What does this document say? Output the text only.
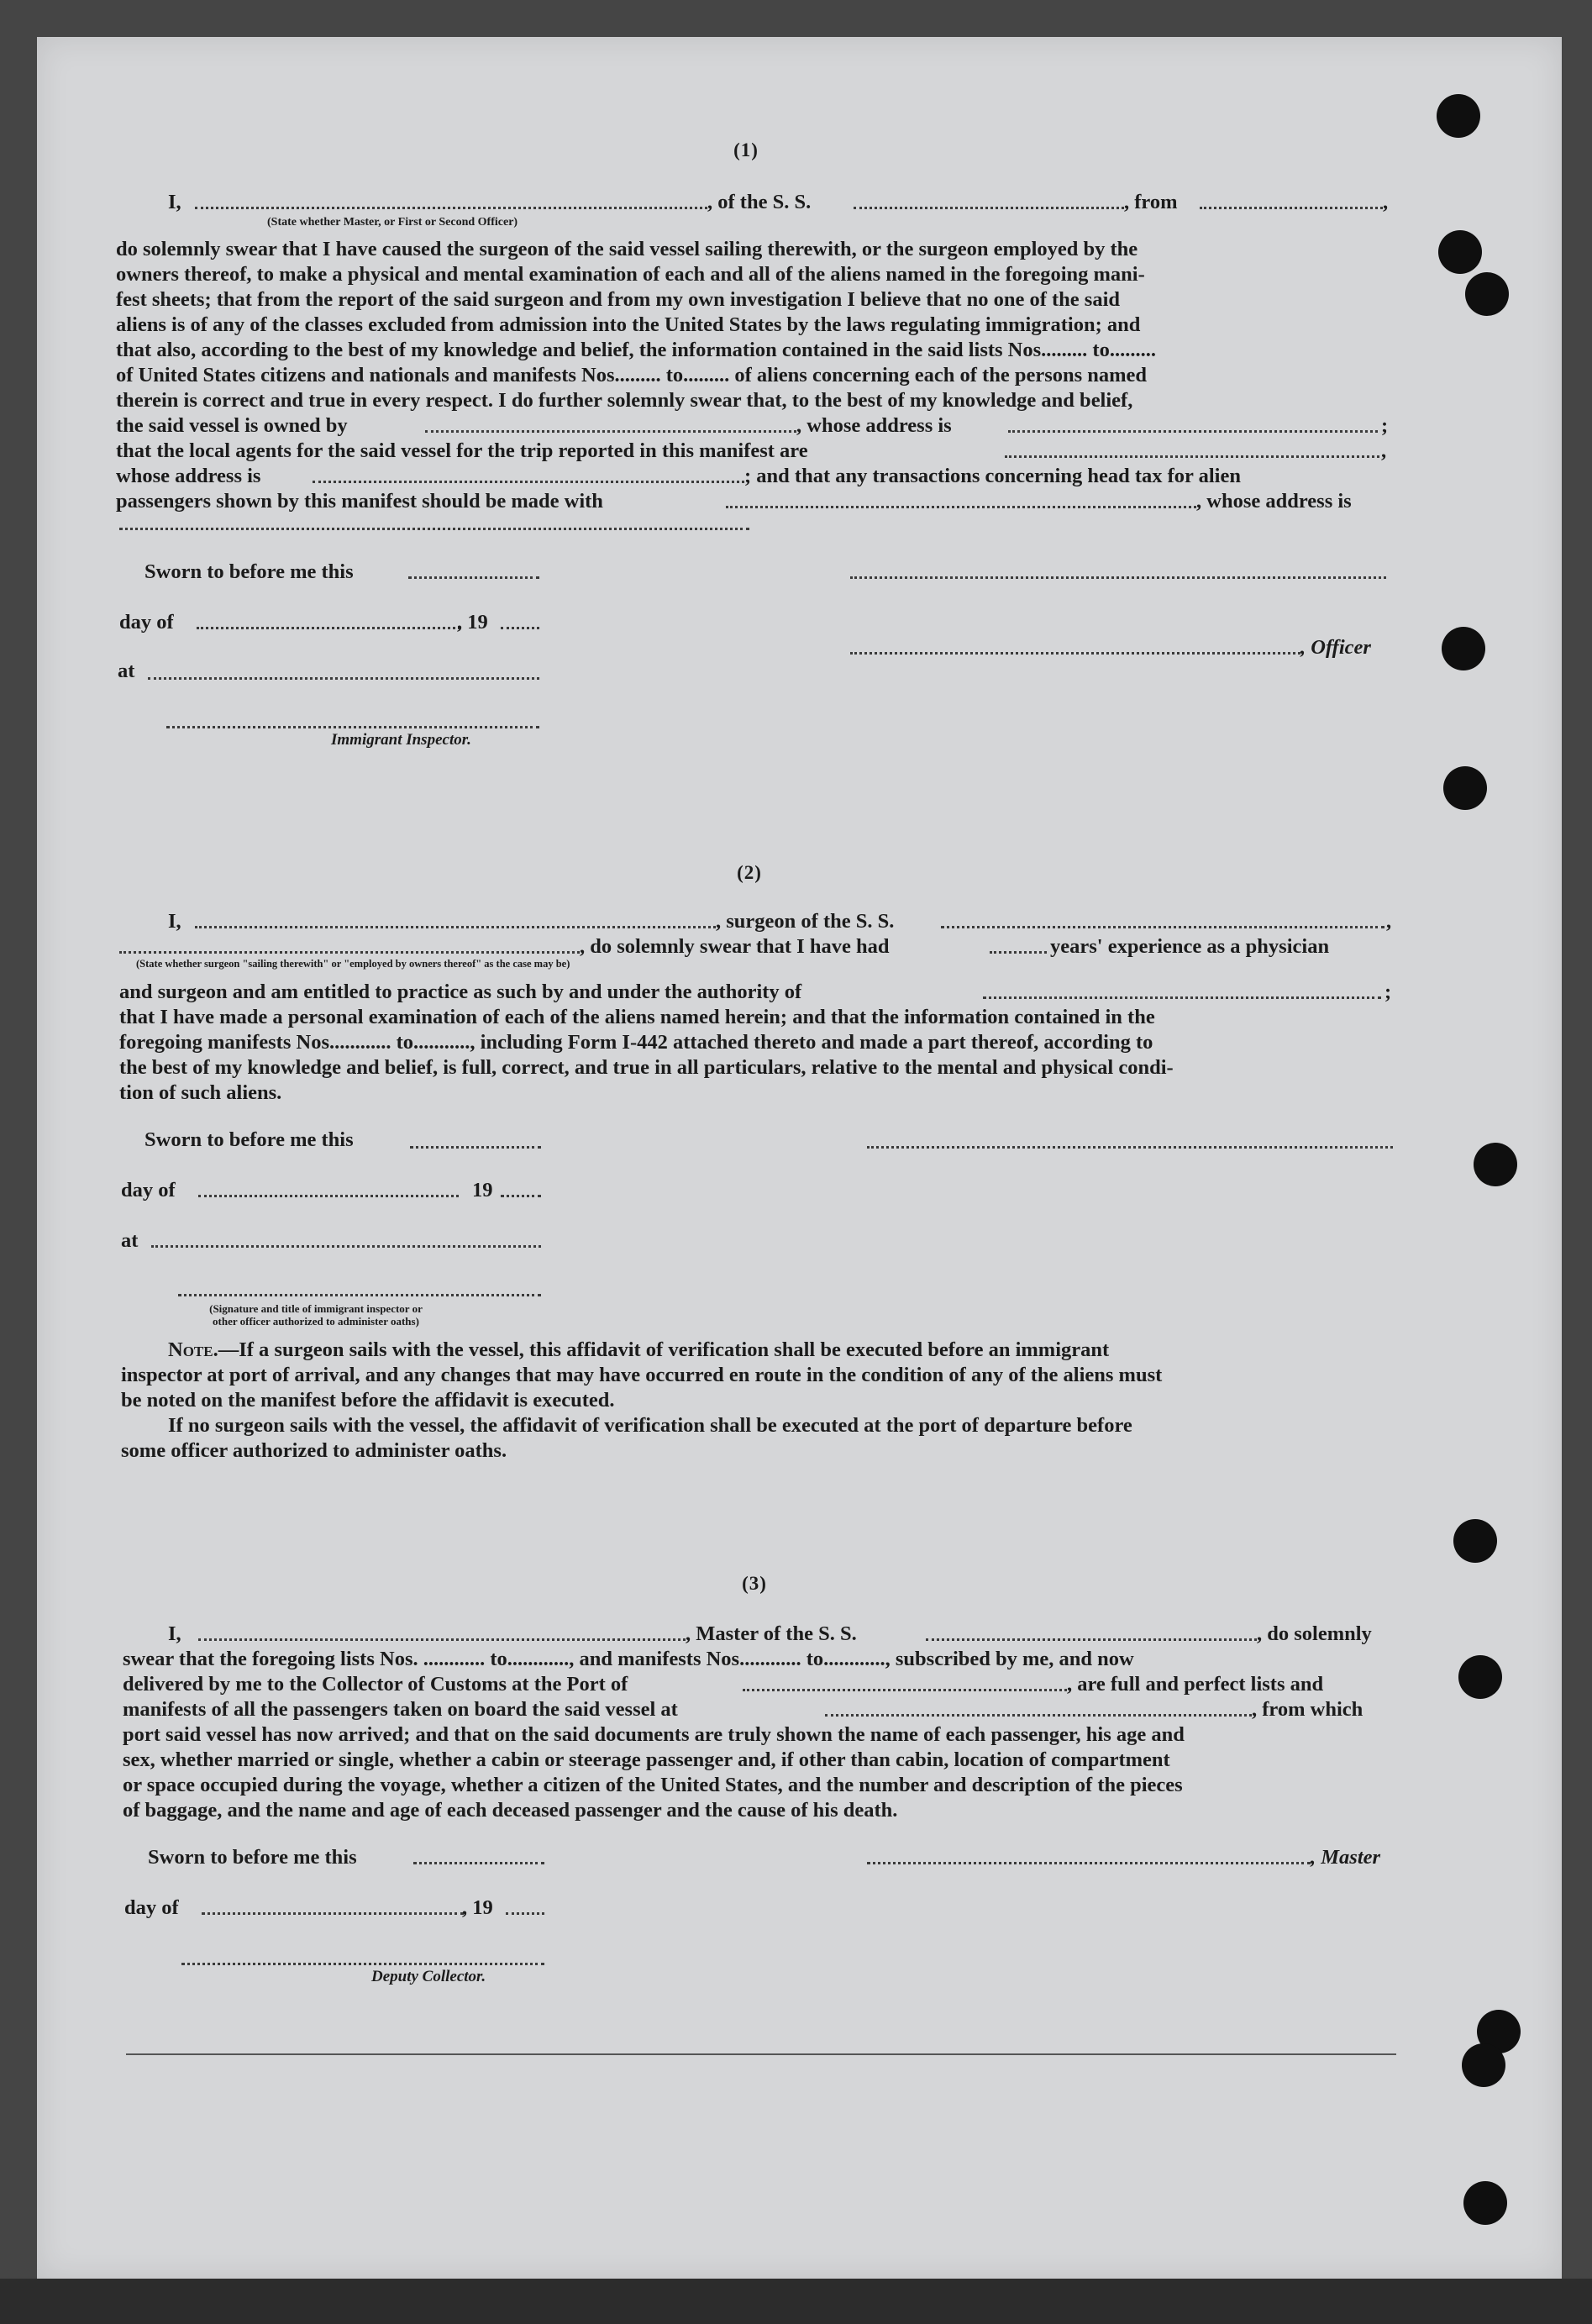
(1)
I,	, of the S. S.	, from	,
(State whether Master, or First or Second Officer)
do solemnly swear that I have caused the surgeon of the said vessel sailing therewith, or the surgeon employed by the
owners thereof, to make a physical and mental examination of each and all of the aliens named in the foregoing mani-
fest sheets; that from the report of the said surgeon and from my own investigation I believe that no one of the said
aliens is of any of the classes excluded from admission into the United States by the laws regulating immigration; and
that also, according to the best of my knowledge and belief, the information contained in the said lists Nos......... to.........
of United States citizens and nationals and manifests Nos......... to......... of aliens concerning each of the persons named
therein is correct and true in every respect. I do further solemnly swear that, to the best of my knowledge and belief,
the said vessel is owned by	, whose address is	;
that the local agents for the said vessel for the trip reported in this manifest are	,
whose address is	; and that any transactions concerning head tax for alien
passengers shown by this manifest should be made with	, whose address is
Sworn to before me this
day of	, 19
, Officer
at
Immigrant Inspector.
(2)
I,	, surgeon of the S. S.	,
, do solemnly swear that I have had	years' experience as a physician
(State whether surgeon "sailing therewith" or "employed by owners thereof" as the case may be)
and surgeon and am entitled to practice as such by and under the authority of	;
that I have made a personal examination of each of the aliens named herein; and that the information contained in the
foregoing manifests Nos............ to..........., including Form I-442 attached thereto and made a part thereof, according to
the best of my knowledge and belief, is full, correct, and true in all particulars, relative to the mental and physical condi-
tion of such aliens.
Sworn to before me this
day of	19
at
(Signature and title of immigrant inspector or
other officer authorized to administer oaths)
Note.—If a surgeon sails with the vessel, this affidavit of verification shall be executed before an immigrant
inspector at port of arrival, and any changes that may have occurred en route in the condition of any of the aliens must
be noted on the manifest before the affidavit is executed.
If no surgeon sails with the vessel, the affidavit of verification shall be executed at the port of departure before
some officer authorized to administer oaths.
(3)
I,	, Master of the S. S.	, do solemnly
swear that the foregoing lists Nos. ............ to............, and manifests Nos............ to............, subscribed by me, and now
delivered by me to the Collector of Customs at the Port of	, are full and perfect lists and
manifests of all the passengers taken on board the said vessel at	, from which
port said vessel has now arrived; and that on the said documents are truly shown the name of each passenger, his age and
sex, whether married or single, whether a cabin or steerage passenger and, if other than cabin, location of compartment
or space occupied during the voyage, whether a citizen of the United States, and the number and description of the pieces
of baggage, and the name and age of each deceased passenger and the cause of his death.
Sworn to before me this	, Master
day of	, 19
Deputy Collector.
